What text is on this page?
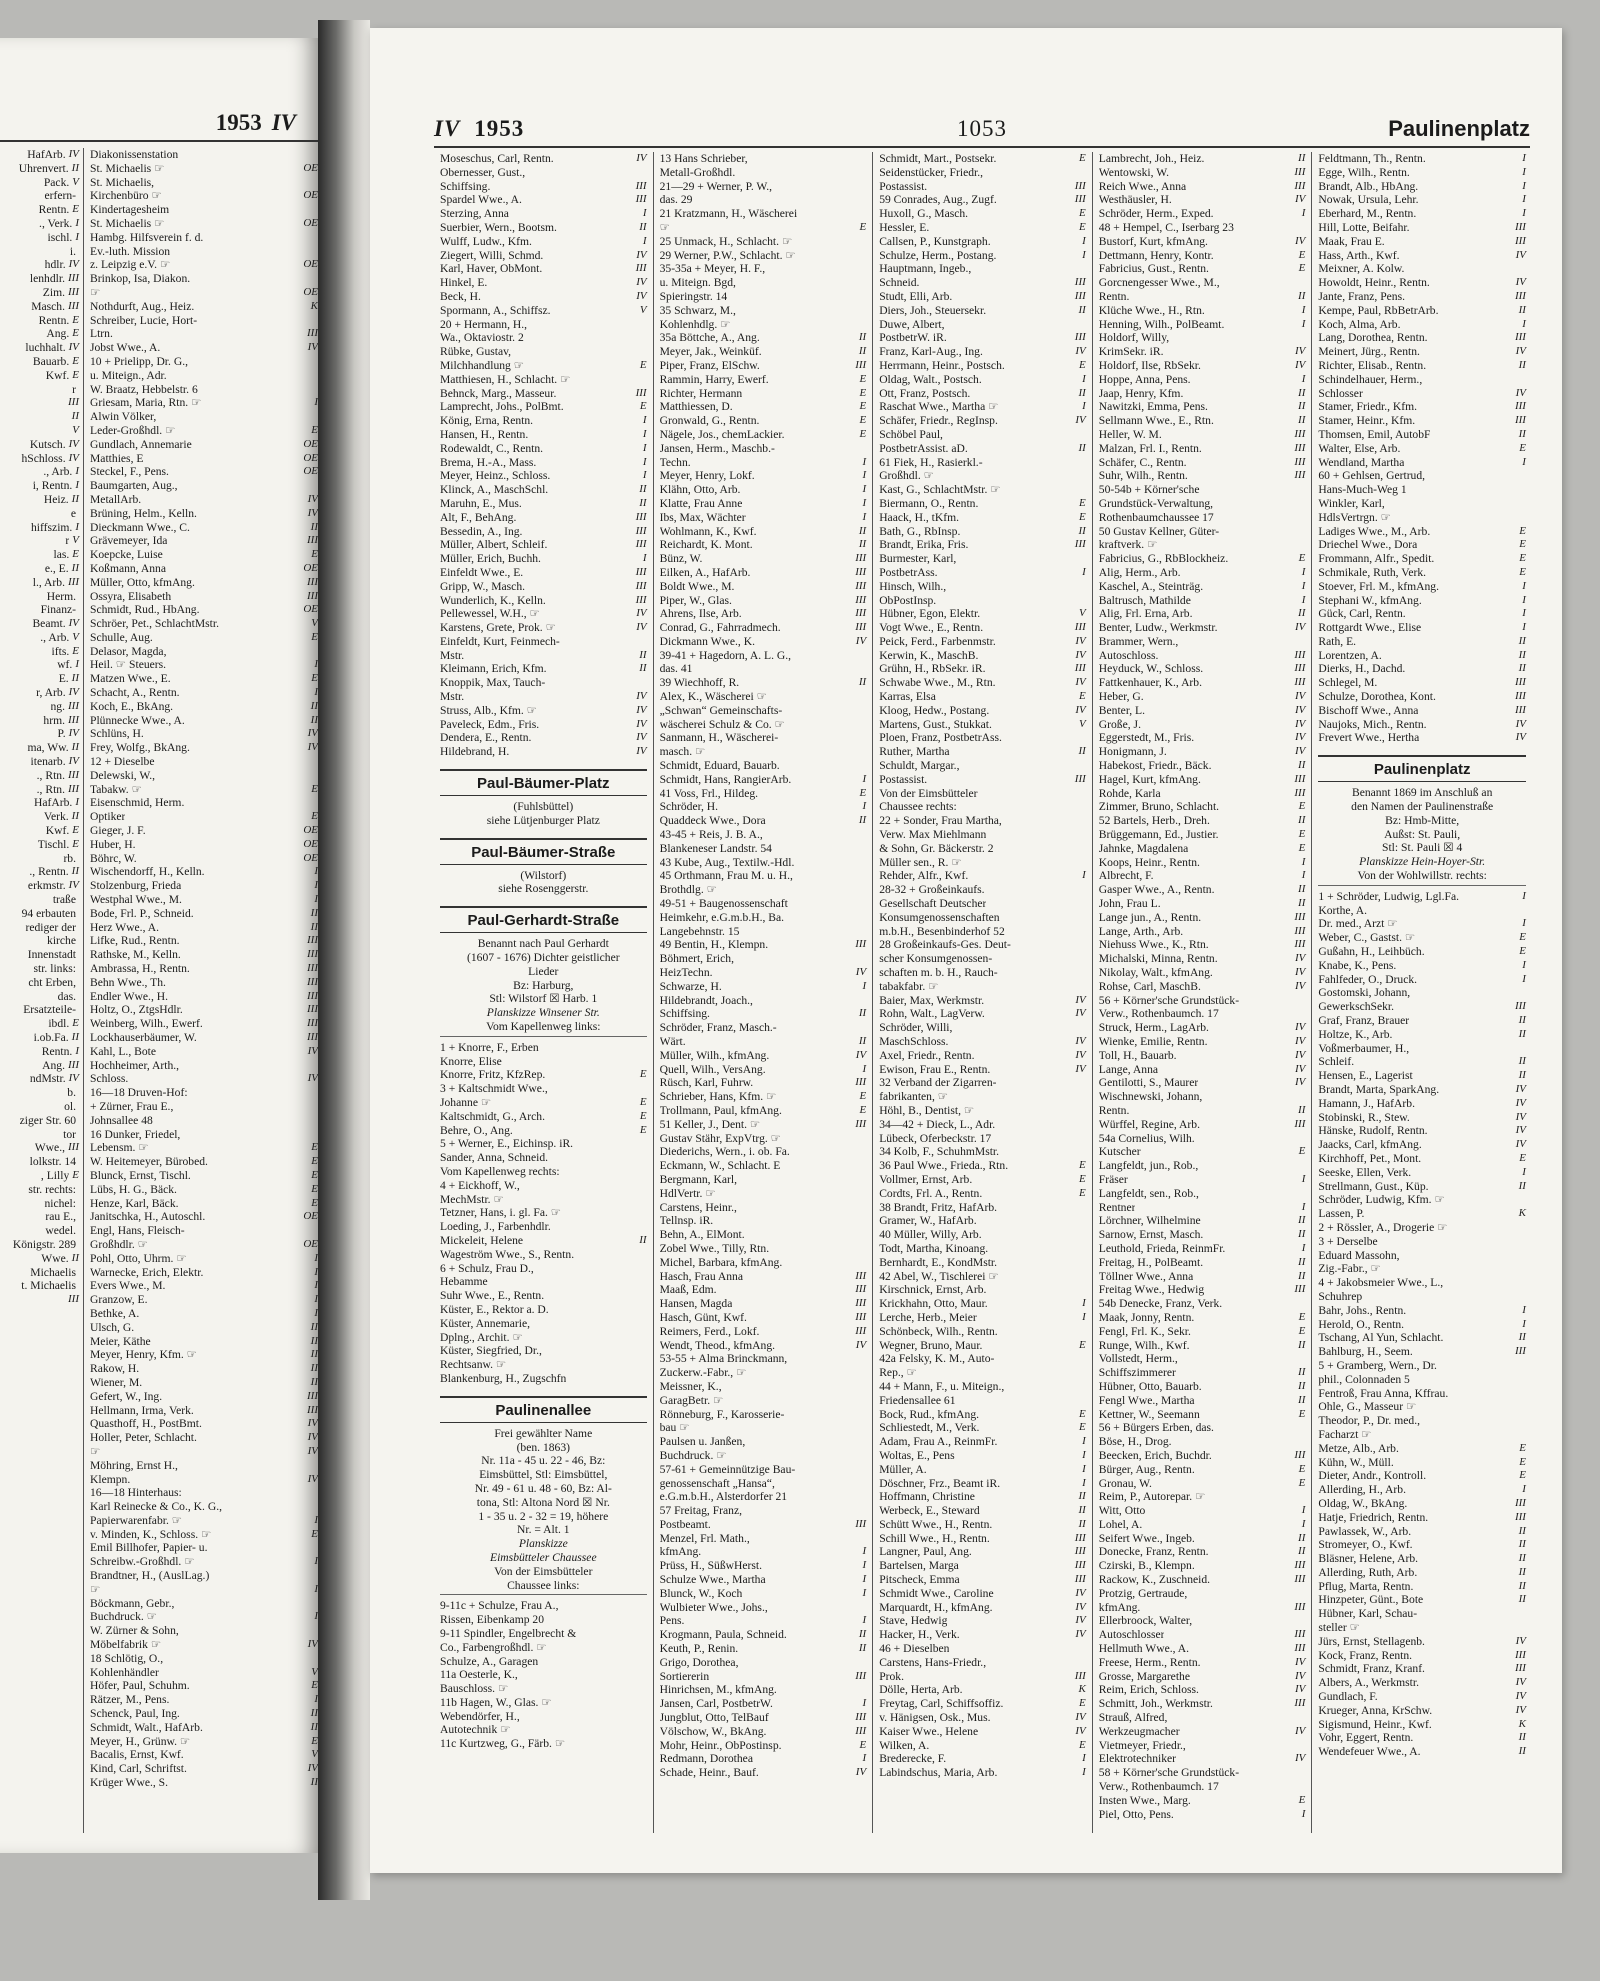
1953 IV
HafArb. IV
Uhrenvert. II
Pack. V
erfern-
Rentn. E
., Verk. I
ischl. I
i.
hdlr. IV
lenhdlr. III
Zim. III
Masch. III
Rentn. E
Ang. E
luchhalt. IV
Bauarb. E
Kwf. E
r
III
II
V
Kutsch. IV
hSchloss. IV
., Arb. I
i, Rentn. I
Heiz. II
e
hiffszim. I
r V
las. E
e., E. II
l., Arb. III
Herm.
Finanz-
Beamt. IV
., Arb. V
ifts. E
wf. I
E. II
r, Arb. IV
ng. III
hrm. III
P. IV
ma, Ww. II
itenarb. IV
., Rtn. III
., Rtn. III
HafArb. I
Verk. II
Kwf. E
Tischl. E
rb.
., Rentn. II
erkmstr. IV
traße
94 erbauten
rediger der
kirche
Innenstadt
str. links:
cht Erben,
das.
Ersatzteile-
ibdl. E
i.ob.Fa. II
Rentn. I
Ang. III
ndMstr. IV
b.
ol.
ziger Str. 60
tor
Wwe., III
lolkstr. 14
, Lilly E
str. rechts:
nichel:
rau E.,
wedel.
Königstr. 289
Wwe. II
Michaelis
t. Michaelis
III
Diakonissenstation
St. Michaelis ☞	OE
St. Michaelis,
Kirchenbüro ☞	OE
Kindertagesheim
St. Michaelis ☞	OE
Hambg. Hilfsverein f. d.
Ev.-luth. Mission
z. Leipzig e.V. ☞	OE
Brinkop, Isa, Diakon.
☞	OE
Nothdurft, Aug., Heiz.	K
Schreiber, Lucie, Hort-
Ltrn.	III
Jobst Wwe., A.	IV
10 + Prielipp, Dr. G.,
u. Miteign., Adr.
W. Braatz, Hebbelstr. 6
Griesam, Maria, Rtn. ☞	I
Alwin Völker,
Leder-Großhdl. ☞	E
Gundlach, Annemarie	OE
Matthies, E	OE
Steckel, F., Pens.	OE
Baumgarten, Aug.,
MetallArb.	IV
Brüning, Helm., Kelln.	IV
Dieckmann Wwe., C.	II
Grävemeyer, Ida	III
Koepcke, Luise	E
Koßmann, Anna	OE
Müller, Otto, kfmAng.	III
Ossyra, Elisabeth	III
Schmidt, Rud., HbAng.	OE
Schröer, Pet., SchlachtMstr.	V
Schulle, Aug.	E
Delasor, Magda,
Heil. ☞ Steuers.	I
Matzen Wwe., E.	E
Schacht, A., Rentn.	I
Koch, E., BkAng.	II
Plünnecke Wwe., A.	II
Schlüns, H.	IV
Frey, Wolfg., BkAng.	IV
12 + Dieselbe
Delewski, W.,
Tabakw. ☞	E
Eisenschmid, Herm.
Optiker	E
Gieger, J. F.	OE
Huber, H.	OE
Böhrc, W.	OE
Wischendorff, H., Kelln.	I
Stolzenburg, Frieda	I
Westphal Wwe., M.	I
Bode, Frl. P., Schneid.	II
Herz Wwe., A.	II
Lifke, Rud., Rentn.	III
Rathske, M., Kelln.	III
Ambrassa, H., Rentn.	III
Behn Wwe., Th.	III
Endler Wwe., H.	III
Holtz, O., ZtgsHdlr.	III
Weinberg, Wilh., Ewerf.	III
Lockhauserbäumer, W.	III
Kahl, L., Bote	IV
Hochheimer, Arth.,
Schloss.	IV
16—18 Druven-Hof:
+ Zürner, Frau E.,
Johnsallee 48
16 Dunker, Friedel,
Lebensm. ☞	E
W. Heitemeyer, Bürobed.	E
Blunck, Ernst, Tischl.	E
Lübs, H. G., Bäck.	E
Henze, Karl, Bäck.	E
Janitschka, H., Autoschl.	OE
Engl, Hans, Fleisch-
Großhdlr. ☞	OE
Pohl, Otto, Uhrm. ☞	I
Warnecke, Erich, Elektr.	I
Evers Wwe., M.	I
Granzow, E.	I
Bethke, A.	I
Ulsch, G.	II
Meier, Käthe	II
Meyer, Henry, Kfm. ☞	II
Rakow, H.	II
Wiener, M.	II
Gefert, W., Ing.	III
Hellmann, Irma, Verk.	III
Quasthoff, H., PostBmt.	IV
Holler, Peter, Schlacht.	IV
☞	IV
Möhring, Ernst H.,
Klempn.	IV
16—18 Hinterhaus:
Karl Reinecke & Co., K. G.,
Papierwarenfabr. ☞	I
v. Minden, K., Schloss. ☞	E
Emil Billhofer, Papier- u.
Schreibw.-Großhdl. ☞	I
Brandtner, H., (AuslLag.)
☞	I
Böckmann, Gebr.,
Buchdruck. ☞	I
W. Zürner & Sohn,
Möbelfabrik ☞	IV
18 Schlötig, O.,
Kohlenhändler	V
Höfer, Paul, Schuhm.	E
Rätzer, M., Pens.	I
Schenck, Paul, Ing.	II
Schmidt, Walt., HafArb.	II
Meyer, H., Grünw. ☞	E
Bacalis, Ernst, Kwf.	V
Kind, Carl, Schriftst.	IV
Krüger Wwe., S.	II
IV 1953	1053	Paulinenplatz
Moseschus, Carl, Rentn.	IV
Obernesser, Gust.,
Schiffsing.	III
Spardel Wwe., A.	III
Sterzing, Anna	I
Suerbier, Wern., Bootsm.	II
Wulff, Ludw., Kfm.	I
Ziegert, Willi, Schmd.	IV
Karl, Haver, ObMont.	III
Hinkel, E.	IV
Beck, H.	IV
Spormann, A., Schiffsz.	V
20 + Hermann, H.,
Wa., Oktaviostr. 2
Rübke, Gustav,
Milchhandlung ☞	E
Matthiesen, H., Schlacht. ☞
Behnck, Marg., Masseur.	III
Lamprecht, Johs., PolBmt.	E
König, Erna, Rentn.	I
Hansen, H., Rentn.	I
Rodewaldt, C., Rentn.	I
Brema, H.-A., Mass.	I
Meyer, Heinz., Schloss.	I
Klinck, A., MaschSchl.	II
Maruhn, E., Mus.	II
Alt, F., BehAng.	III
Bessedin, A., Ing.	III
Müller, Albert, Schleif.	III
Müller, Erich, Buchh.	I
Einfeldt Wwe., E.	III
Gripp, W., Masch.	III
Wunderlich, K., Kelln.	III
Pellewessel, W.H., ☞	IV
Karstens, Grete, Prok. ☞	IV
Einfeldt, Kurt, Feinmech-
Mstr.	II
Kleimann, Erich, Kfm.	II
Knoppik, Max, Tauch-
Mstr.	IV
Struss, Alb., Kfm. ☞	IV
Paveleck, Edm., Fris.	IV
Dendera, E., Rentn.	IV
Hildebrand, H.	IV
Paul-Bäumer-Platz
(Fuhlsbüttel)
siehe Lütjenburger Platz
Paul-Bäumer-Straße
(Wilstorf)
siehe Rosenggerstr.
Paul-Gerhardt-Straße
Benannt nach Paul Gerhardt
(1607 - 1676) Dichter geistlicher
Lieder
Bz: Harburg,
Stl: Wilstorf ☒ Harb. 1
Planskizze Winsener Str.
Vom Kapellenweg links:
1 + Knorre, F., Erben
Knorre, Elise
Knorre, Fritz, KfzRep.	E
3 + Kaltschmidt Wwe.,
Johanne ☞	E
Kaltschmidt, G., Arch.	E
Behre, O., Ang.	E
5 + Werner, E., Eichinsp. iR.
Sander, Anna, Schneid.
Vom Kapellenweg rechts:
4 + Eickhoff, W.,
MechMstr. ☞
Tetzner, Hans, i. gl. Fa. ☞
Loeding, J., Farbenhdlr.
Mickeleit, Helene	II
Wageström Wwe., S., Rentn.
6 + Schulz, Frau D.,
Hebamme
Suhr Wwe., E., Rentn.
Küster, E., Rektor a. D.
Küster, Annemarie,
Dplng., Archit. ☞
Küster, Siegfried, Dr.,
Rechtsanw. ☞
Blankenburg, H., Zugschfn
Paulinenallee
Frei gewählter Name
(ben. 1863)
Nr. 11a - 45 u. 22 - 46, Bz:
Eimsbüttel, Stl: Eimsbüttel,
Nr. 49 - 61 u. 48 - 60, Bz: Al-
tona, Stl: Altona Nord ☒ Nr.
1 - 35 u. 2 - 32 = 19, höhere
Nr. = Alt. 1
Planskizze
Eimsbütteler Chaussee
Von der Eimsbütteler
Chaussee links:
9-11c + Schulze, Frau A.,
Rissen, Eibenkamp 20
9-11 Spindler, Engelbrecht &
Co., Farbengroßhdl. ☞
Schulze, A., Garagen
11a Oesterle, K.,
Bauschloss. ☞
11b Hagen, W., Glas. ☞
Webendörfer, H.,
Autotechnik ☞
11c Kurtzweg, G., Färb. ☞
13 Hans Schrieber,
Metall-Großhdl.
21—29 + Werner, P. W.,
das. 29
21 Kratzmann, H., Wäscherei
☞	E
25 Unmack, H., Schlacht. ☞
29 Werner, P.W., Schlacht. ☞
35-35a + Meyer, H. F.,
u. Miteign. Bgd,
Spieringstr. 14
35 Schwarz, M.,
Kohlenhdlg. ☞
35a Böttche, A., Ang.	II
Meyer, Jak., Weinküf.	II
Piper, Franz, ElSchw.	III
Rammin, Harry, Ewerf.	E
Richter, Hermann	E
Matthiessen, D.	E
Gronwald, G., Rentn.	E
Nägele, Jos., chemLackier.	E
Jansen, Herm., Maschb.-
Techn.	I
Meyer, Henry, Lokf.	I
Klähn, Otto, Arb.	I
Klatte, Frau Anne	I
Ibs, Max, Wächter	I
Wohlmann, K., Kwf.	II
Reichardt, K. Mont.	II
Bünz, W.	III
Eilken, A., HafArb.	III
Boldt Wwe., M.	III
Piper, W., Glas.	III
Ahrens, Ilse, Arb.	III
Conrad, G., Fahrradmech.	III
Dickmann Wwe., K.	IV
39-41 + Hagedorn, A. L. G.,
das. 41
39 Wiechhoff, R.	II
Alex, K., Wäscherei ☞
„Schwan“ Gemeinschafts-
wäscherei Schulz & Co. ☞
Sanmann, H., Wäscherei-
masch. ☞
Schmidt, Eduard, Bauarb.
Schmidt, Hans, RangierArb.	I
41 Voss, Frl., Hildeg.	E
Schröder, H.	I
Quaddeck Wwe., Dora	II
43-45 + Reis, J. B. A.,
Blankeneser Landstr. 54
43 Kube, Aug., Textilw.-Hdl.
45 Orthmann, Frau M. u. H.,
Brothdlg. ☞
49-51 + Baugenossenschaft
Heimkehr, e.G.m.b.H., Ba.
Langebehnstr. 15
49 Bentin, H., Klempn.	III
Böhmert, Erich,
HeizTechn.	IV
Schwarze, H.	I
Hildebrandt, Joach.,
Schiffsing.	II
Schröder, Franz, Masch.-
Wärt.	II
Müller, Wilh., kfmAng.	IV
Quell, Wilh., VersAng.	I
Rüsch, Karl, Fuhrw.	III
Schrieber, Hans, Kfm. ☞	E
Trollmann, Paul, kfmAng.	E
51 Keller, J., Dent. ☞	III
Gustav Stähr, ExpVtrg. ☞
Diederichs, Wern., i. ob. Fa.
Eckmann, W., Schlacht. E
Bergmann, Karl,
HdlVertr. ☞
Carstens, Heinr.,
Tellnsp. iR.
Behn, A., ElMont.
Zobel Wwe., Tilly, Rtn.
Michel, Barbara, kfmAng.
Hasch, Frau Anna	III
Maaß, Edm.	III
Hansen, Magda	III
Hasch, Günt, Kwf.	III
Reimers, Ferd., Lokf.	III
Wendt, Theod., kfmAng.	IV
53-55 + Alma Brinckmann,
Zuckerw.-Fabr., ☞
Meissner, K.,
GaragBetr. ☞
Rönneburg, F., Karosserie-
bau ☞
Paulsen u. Janßen,
Buchdruck. ☞
57-61 + Gemeinnützige Bau-
genossenschaft „Hansa“,
e.G.m.b.H., Alsterdorfer 21
57 Freitag, Franz,
Postbeamt.	III
Menzel, Frl. Math.,
kfmAng.	I
Prüss, H., SüßwHerst.	I
Schulze Wwe., Martha	I
Blunck, W., Koch	I
Wulbieter Wwe., Johs.,
Pens.	I
Krogmann, Paula, Schneid.	II
Keuth, P., Renin.	II
Grigo, Dorothea,
Sortiererin	III
Hinrichsen, M., kfmAng.
Jansen, Carl, PostbetrW.	I
Jungblut, Otto, TelBauf	III
Völschow, W., BkAng.	III
Mohr, Heinr., ObPostinsp.	E
Redmann, Dorothea	I
Schade, Heinr., Bauf.	IV
Schmidt, Mart., Postsekr.	E
Seidenstücker, Friedr.,
Postassist.	III
59 Conrades, Aug., Zugf.	III
Huxoll, G., Masch.	E
Hessler, E.	E
Callsen, P., Kunstgraph.	I
Schulze, Herm., Postang.	I
Hauptmann, Ingeb.,
Schneid.	III
Studt, Elli, Arb.	III
Diers, Joh., Steuersekr.	II
Duwe, Albert,
PostbetrW. iR.	III
Franz, Karl-Aug., Ing.	IV
Herrmann, Heinr., Postsch.	E
Oldag, Walt., Postsch.	I
Ott, Franz, Postsch.	II
Raschat Wwe., Martha ☞	I
Schäfer, Friedr., RegInsp.	IV
Schöbel Paul,
PostbetrAssist. aD.	II
61 Fiek, H., Rasierkl.-
Großhdl. ☞
Kast, G., SchlachtMstr. ☞
Biermann, O., Rentn.	E
Haack, H., tKfm.	E
Bath, G., RbInsp.	II
Brandt, Erika, Fris.	III
Burmester, Karl,
PostbetrAss.	I
Hinsch, Wilh.,
ObPostInsp.
Hübner, Egon, Elektr.	V
Vogt Wwe., E., Rentn.	III
Peick, Ferd., Farbenmstr.	IV
Kerwin, K., MaschB.	IV
Grühn, H., RbSekr. iR.	III
Schwabe Wwe., M., Rtn.	IV
Karras, Elsa	E
Kloog, Hedw., Postang.	IV
Martens, Gust., Stukkat.	V
Ploen, Franz, PostbetrAss.
Ruther, Martha	II
Schuldt, Margar.,
Postassist.	III
Von der Eimsbütteler
Chaussee rechts:
22 + Sonder, Frau Martha,
Verw. Max Miehlmann
& Sohn, Gr. Bäckerstr. 2
Müller sen., R. ☞
Rehder, Alfr., Kwf.	I
28-32 + Großeinkaufs.
Gesellschaft Deutscher
Konsumgenossenschaften
m.b.H., Besenbinderhof 52
28 Großeinkaufs-Ges. Deut-
scher Konsumgenossen-
schaften m. b. H., Rauch-
tabakfabr. ☞
Baier, Max, Werkmstr.	IV
Rohn, Walt., LagVerw.	IV
Schröder, Willi,
MaschSchloss.	IV
Axel, Friedr., Rentn.	IV
Ewison, Frau E., Rentn.	IV
32 Verband der Zigarren-
fabrikanten, ☞
Höhl, B., Dentist, ☞
34—42 + Dieck, L., Adr.
Lübeck, Oferbeckstr. 17
34 Kolb, F., SchuhmMstr.
36 Paul Wwe., Frieda., Rtn.	E
Vollmer, Ernst, Arb.	E
Cordts, Frl. A., Rentn.	E
38 Brandt, Fritz, HafArb.
Gramer, W., HafArb.
40 Müller, Willy, Arb.
Todt, Martha, Kinoang.
Bernhardt, E., KondMstr.
42 Abel, W., Tischlerei ☞
Kirschnick, Ernst, Arb.
Krickhahn, Otto, Maur.	I
Lerche, Herb., Meier	I
Schönbeck, Wilh., Rentn.
Wegner, Bruno, Maur.	E
42a Felsky, K. M., Auto-
Rep., ☞
44 + Mann, F., u. Miteign.,
Friedensallee 61
Bock, Rud., kfmAng.	E
Schliestedt, M., Verk.	E
Adam, Frau A., ReinmFr.	I
Woltas, E., Pens	I
Müller, A.	I
Döschner, Frz., Beamt iR.	I
Hoffmann, Christine	II
Werbeck, E., Steward	II
Schütt Wwe., H., Rentn.	II
Schill Wwe., H., Rentn.	III
Langner, Paul, Ang.	III
Bartelsen, Marga	III
Pitscheck, Emma	III
Schmidt Wwe., Caroline	IV
Marquardt, H., kfmAng.	IV
Stave, Hedwig	IV
Hacker, H., Verk.	IV
46 + Dieselben
Carstens, Hans-Friedr.,
Prok.	III
Dölle, Herta, Arb.	K
Freytag, Carl, Schiffsoffiz.	E
v. Hänigsen, Osk., Mus.	IV
Kaiser Wwe., Helene	IV
Wilken, A.	E
Brederecke, F.	I
Labindschus, Maria, Arb.	I
Lambrecht, Joh., Heiz.	II
Wentowski, W.	III
Reich Wwe., Anna	III
Westhäusler, H.	IV
Schröder, Herm., Exped.	I
48 + Hempel, C., Iserbarg 23
Bustorf, Kurt, kfmAng.	IV
Dettmann, Henry, Kontr.	E
Fabricius, Gust., Rentn.	E
Gorcnengesser Wwe., M.,
Rentn.	II
Klüche Wwe., H., Rtn.	I
Henning, Wilh., PolBeamt.	I
Holdorf, Willy,
KrimSekr. iR.	IV
Holdorf, Ilse, RbSekr.	IV
Hoppe, Anna, Pens.	I
Jaap, Henry, Kfm.	II
Nawitzki, Emma, Pens.	II
Sellmann Wwe., E., Rtn.	II
Heller, W. M.	III
Malzan, Frl. I., Rentn.	III
Schäfer, C., Rentn.	III
Suhr, Wilh., Rentn.	III
50-54b + Körner'sche
Grundstück-Verwaltung,
Rothenbaumchaussee 17
50 Gustav Kellner, Güter-
kraftverk. ☞
Fabricius, G., RbBlockheiz.	E
Alig, Herm., Arb.	I
Kaschel, A., Steinträg.	I
Baltrusch, Mathilde	I
Alig, Frl. Erna, Arb.	II
Benter, Ludw., Werkmstr.	IV
Brammer, Wern.,
Autoschloss.	III
Heyduck, W., Schloss.	III
Fattkenhauer, K., Arb.	III
Heber, G.	IV
Benter, L.	IV
Große, J.	IV
Eggerstedt, M., Fris.	IV
Honigmann, J.	IV
Habekost, Friedr., Bäck.	II
Hagel, Kurt, kfmAng.	III
Rohde, Karla	III
Zimmer, Bruno, Schlacht.	E
52 Bartels, Herb., Dreh.	II
Brüggemann, Ed., Justier.	E
Jahnke, Magdalena	E
Koops, Heinr., Rentn.	I
Albrecht, F.	I
Gasper Wwe., A., Rentn.	II
John, Frau L.	II
Lange jun., A., Rentn.	III
Lange, Arth., Arb.	III
Niehuss Wwe., K., Rtn.	III
Michalski, Minna, Rentn.	IV
Nikolay, Walt., kfmAng.	IV
Rohse, Carl, MaschB.	IV
56 + Körner'sche Grundstück-
Verw., Rothenbaumch. 17
Struck, Herm., LagArb.	IV
Wienke, Emilie, Rentn.	IV
Toll, H., Bauarb.	IV
Lange, Anna	IV
Gentilotti, S., Maurer	IV
Wischnewski, Johann,
Rentn.	II
Würffel, Regine, Arb.	III
54a Cornelius, Wilh.
Kutscher	E
Langfeldt, jun., Rob.,
Fräser	I
Langfeldt, sen., Rob.,
Rentner	I
Lörchner, Wilhelmine	II
Sarnow, Ernst, Masch.	II
Leuthold, Frieda, ReinmFr.	I
Freitag, H., PolBeamt.	II
Töllner Wwe., Anna	II
Freitag Wwe., Hedwig	III
54b Denecke, Franz, Verk.
Maak, Jonny, Rentn.	E
Fengl, Frl. K., Sekr.	E
Runge, Wilh., Kwf.	II
Vollstedt, Herm.,
Schiffszimmerer	II
Hübner, Otto, Bauarb.	II
Fengl Wwe., Martha	II
Kettner, W., Seemann	E
56 + Bürgers Erben, das.
Böse, H., Drog.
Beecken, Erich, Buchdr.	III
Bürger, Aug., Rentn.	E
Gronau, W.	E
Reim, P., Autorepar. ☞
Witt, Otto	I
Lohel, A.	I
Seifert Wwe., Ingeb.	II
Donecke, Franz, Rentn.	II
Czirski, B., Klempn.	III
Rackow, K., Zuschneid.	III
Protzig, Gertraude,
kfmAng.	III
Ellerbroock, Walter,
Autoschlosser	III
Hellmuth Wwe., A.	III
Freese, Herm., Rentn.	IV
Grosse, Margarethe	IV
Reim, Erich, Schloss.	IV
Schmitt, Joh., Werkmstr.	III
Strauß, Alfred,
Werkzeugmacher	IV
Vietmeyer, Friedr.,
Elektrotechniker	IV
58 + Körner'sche Grundstück-
Verw., Rothenbaumch. 17
Insten Wwe., Marg.	E
Piel, Otto, Pens.	I
Feldtmann, Th., Rentn.	I
Egge, Wilh., Rentn.	I
Brandt, Alb., HbAng.	I
Nowak, Ursula, Lehr.	I
Eberhard, M., Rentn.	I
Hill, Lotte, Beifahr.	III
Maak, Frau E.	III
Hass, Arth., Kwf.	IV
Meixner, A. Kolw.
Howoldt, Heinr., Rentn.	IV
Jante, Franz, Pens.	III
Kempe, Paul, RbBetrArb.	II
Koch, Alma, Arb.	I
Lang, Dorothea, Rentn.	III
Meinert, Jürg., Rentn.	IV
Richter, Elisab., Rentn.	II
Schindelhauer, Herm.,
Schlosser	IV
Stamer, Friedr., Kfm.	III
Stamer, Heinr., Kfm.	III
Thomsen, Emil, AutobF	II
Walter, Else, Arb.	E
Wendland, Martha	I
60 + Gehlsen, Gertrud,
Hans-Much-Weg 1
Winkler, Karl,
HdlsVertrgn. ☞
Ladiges Wwe., M., Arb.	E
Driechel Wwe., Dora	E
Frommann, Alfr., Spedit.	E
Schmikale, Ruth, Verk.	E
Stoever, Frl. M., kfmAng.	I
Stephani W., kfmAng.	I
Gück, Carl, Rentn.	I
Rottgardt Wwe., Elise	I
Rath, E.	II
Lorentzen, A.	II
Dierks, H., Dachd.	II
Schlegel, M.	III
Schulze, Dorothea, Kont.	III
Bischoff Wwe., Anna	III
Naujoks, Mich., Rentn.	IV
Frevert Wwe., Hertha	IV
Paulinenplatz
Benannt 1869 im Anschluß an
den Namen der Paulinenstraße
Bz: Hmb-Mitte,
Außst: St. Pauli,
Stl: St. Pauli ☒ 4
Planskizze Hein-Hoyer-Str.
Von der Wohlwillstr. rechts:
1 + Schröder, Ludwig, Lgl.Fa.	I
Korthe, A.
Dr. med., Arzt ☞	I
Weber, C., Gastst. ☞	E
Gußahn, H., Leihbüch.	E
Knabe, K., Pens.	I
Fahlfeder, O., Druck.	I
Gostomski, Johann,
GewerkschSekr.	III
Graf, Franz, Brauer	II
Holtze, K., Arb.	II
Voßmerbaumer, H.,
Schleif.	II
Hensen, E., Lagerist	II
Brandt, Marta, SparkAng.	IV
Hamann, J., HafArb.	IV
Stobinski, R., Stew.	IV
Hänske, Rudolf, Rentn.	IV
Jaacks, Carl, kfmAng.	IV
Kirchhoff, Pet., Mont.	E
Seeske, Ellen, Verk.	I
Strellmann, Gust., Küp.	II
Schröder, Ludwig, Kfm. ☞
Lassen, P.	K
2 + Rössler, A., Drogerie ☞
3 + Derselbe
Eduard Massohn,
Zig.-Fabr., ☞
4 + Jakobsmeier Wwe., L.,
Schuhrep
Bahr, Johs., Rentn.	I
Herold, O., Rentn.	I
Tschang, Al Yun, Schlacht.	II
Bahlburg, H., Seem.	III
5 + Gramberg, Wern., Dr.
phil., Colonnaden 5
Fentroß, Frau Anna, Kffrau.
Ohle, G., Masseur ☞
Theodor, P., Dr. med.,
Facharzt ☞
Metze, Alb., Arb.	E
Kühn, W., Müll.	E
Dieter, Andr., Kontroll.	E
Allerding, H., Arb.	I
Oldag, W., BkAng.	III
Hatje, Friedrich, Rentn.	III
Pawlassek, W., Arb.	II
Stromeyer, O., Kwf.	II
Bläsner, Helene, Arb.	II
Allerding, Ruth, Arb.	II
Pflug, Marta, Rentn.	II
Hinzpeter, Günt., Bote	II
Hübner, Karl, Schau-
steller ☞
Jürs, Ernst, Stellagenb.	IV
Kock, Franz, Rentn.	III
Schmidt, Franz, Kranf.	III
Albers, A., Werkmstr.	IV
Gundlach, F.	IV
Krueger, Anna, KrSchw.	IV
Sigismund, Heinr., Kwf.	K
Vohr, Eggert, Rentn.	II
Wendefeuer Wwe., A.	II
